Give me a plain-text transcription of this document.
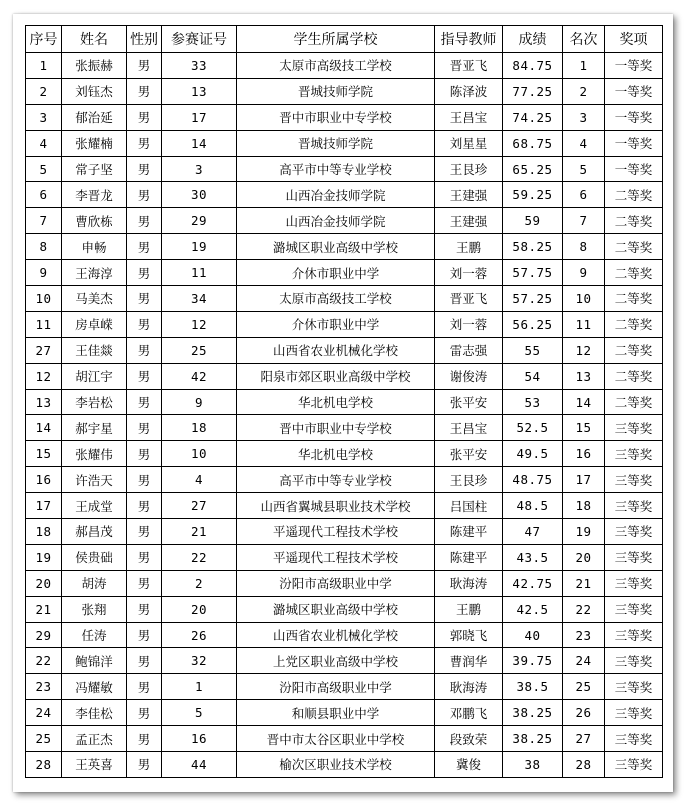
序号	姓名	性别	参赛证号	学生所属学校	指导教师	成绩	名次	奖项
1	张振赫	男	33	太原市高级技工学校	晋亚飞	84.75	1	一等奖
2	刘钰杰	男	13	晋城技师学院	陈泽波	77.25	2	一等奖
3	郁治延	男	17	晋中市职业中专学校	王昌宝	74.25	3	一等奖
4	张耀楠	男	14	晋城技师学院	刘星星	68.75	4	一等奖
5	常子坚	男	3	高平市中等专业学校	王艮珍	65.25	5	一等奖
6	李晋龙	男	30	山西冶金技师学院	王建强	59.25	6	二等奖
7	曹欣栋	男	29	山西冶金技师学院	王建强	59	7	二等奖
8	申畅	男	19	潞城区职业高级中学校	王鹏	58.25	8	二等奖
9	王海淳	男	11	介休市职业中学	刘一蓉	57.75	9	二等奖
10	马美杰	男	34	太原市高级技工学校	晋亚飞	57.25	10	二等奖
11	房卓嵘	男	12	介休市职业中学	刘一蓉	56.25	11	二等奖
27	王佳燚	男	25	山西省农业机械化学校	雷志强	55	12	二等奖
12	胡江宇	男	42	阳泉市郊区职业高级中学校	谢俊涛	54	13	二等奖
13	李岩松	男	9	华北机电学校	张平安	53	14	二等奖
14	郝宇星	男	18	晋中市职业中专学校	王昌宝	52.5	15	三等奖
15	张耀伟	男	10	华北机电学校	张平安	49.5	16	三等奖
16	许浩天	男	4	高平市中等专业学校	王艮珍	48.75	17	三等奖
17	王成堂	男	27	山西省翼城县职业技术学校	吕国柱	48.5	18	三等奖
18	郝昌茂	男	21	平遥现代工程技术学校	陈建平	47	19	三等奖
19	侯贵础	男	22	平遥现代工程技术学校	陈建平	43.5	20	三等奖
20	胡涛	男	2	汾阳市高级职业中学	耿海涛	42.75	21	三等奖
21	张翔	男	20	潞城区职业高级中学校	王鹏	42.5	22	三等奖
29	任涛	男	26	山西省农业机械化学校	郭晓飞	40	23	三等奖
22	鲍锦洋	男	32	上党区职业高级中学校	曹润华	39.75	24	三等奖
23	冯耀敏	男	1	汾阳市高级职业中学	耿海涛	38.5	25	三等奖
24	李佳松	男	5	和顺县职业中学	邓鹏飞	38.25	26	三等奖
25	孟正杰	男	16	晋中市太谷区职业中学校	段致荣	38.25	27	三等奖
28	王英喜	男	44	榆次区职业技术学校	冀俊	38	28	三等奖
